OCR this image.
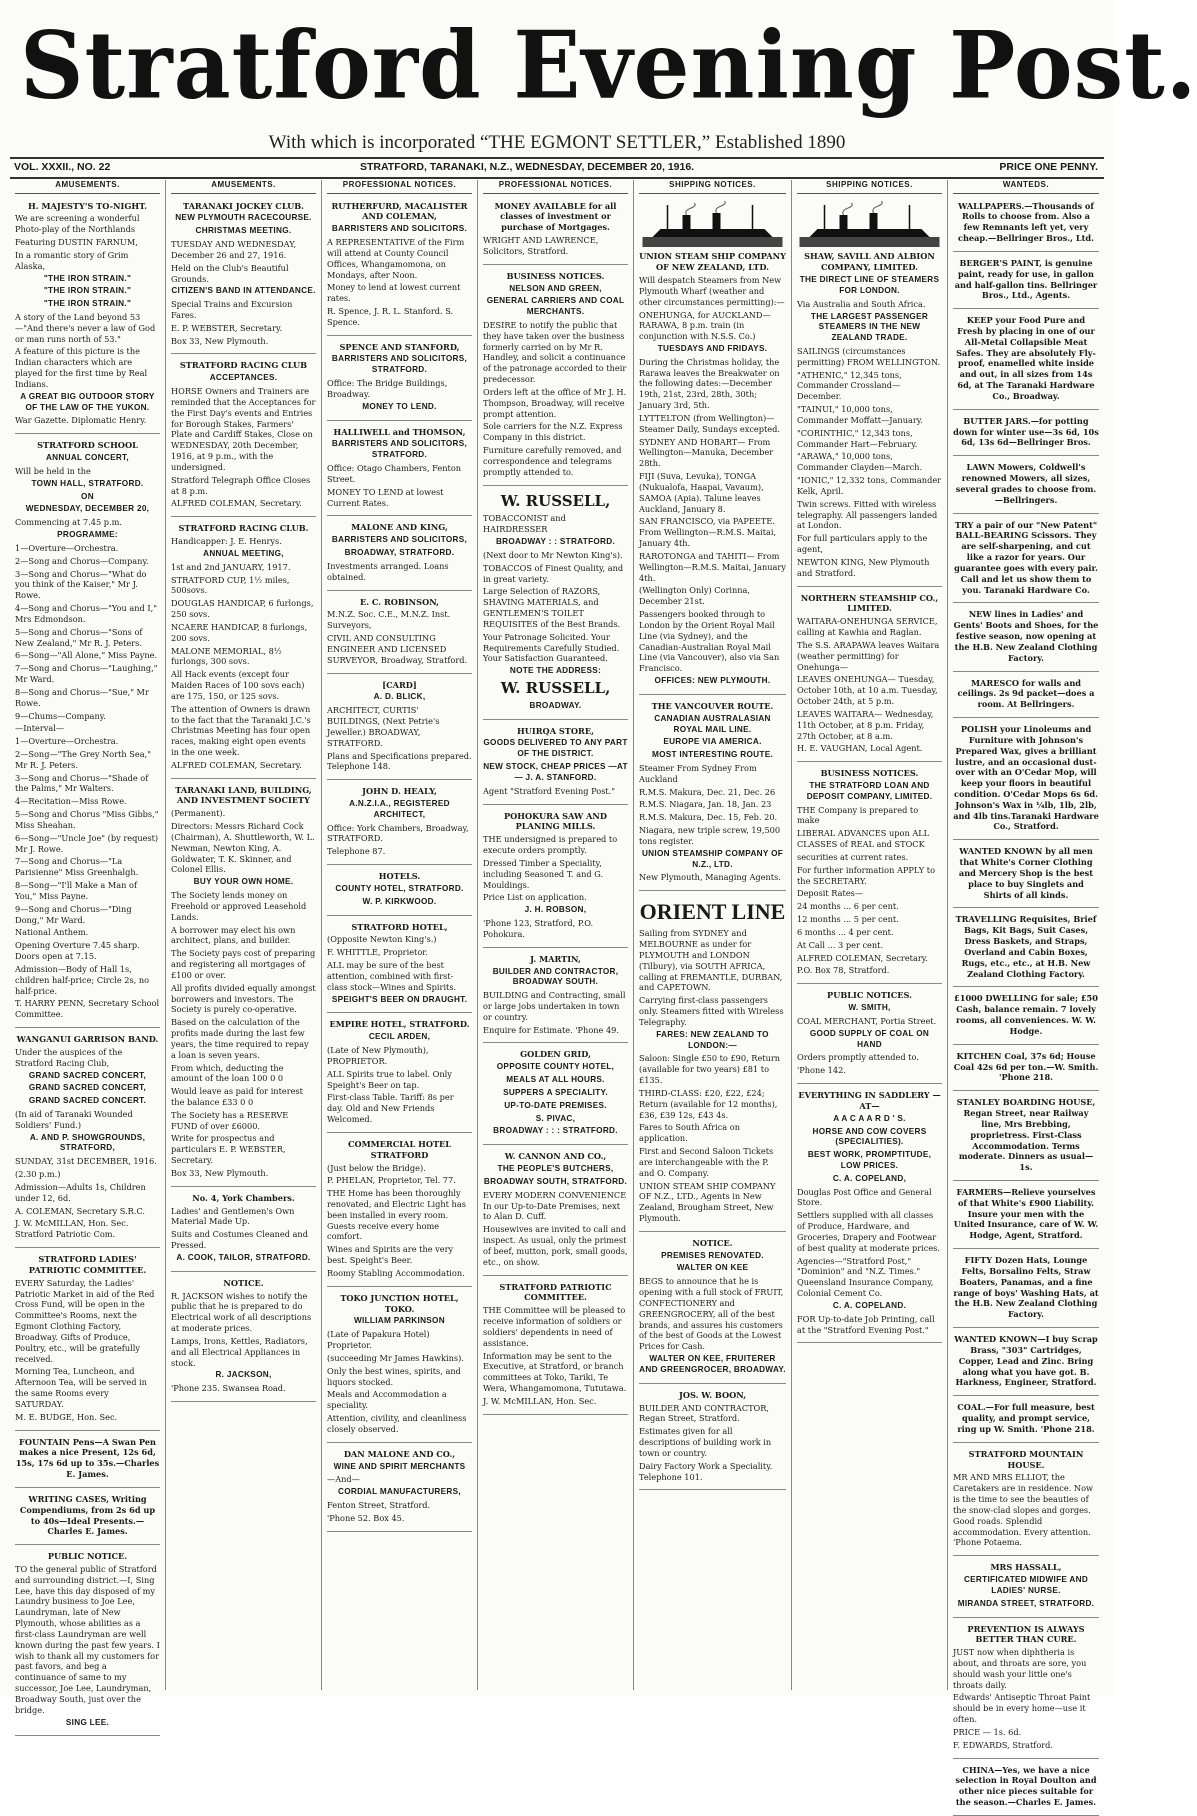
Stratford Evening Post.
With which is incorporated “THE EGMONT SETTLER,” Established 1890
VOL. XXXII., NO. 22	STRATFORD, TARANAKI, N.Z., WEDNESDAY, DECEMBER 20, 1916.	PRICE ONE PENNY.
AMUSEMENTS.

H. MAJESTY'S TO-NIGHT.

We are screening a wonderful Photo-play of the Northlands

Featuring DUSTIN FARNUM,

In a romantic story of Grim Alaska,

"THE IRON STRAIN."

"THE IRON STRAIN."

"THE IRON STRAIN."

A story of the Land beyond 53—"And there's never a law of God or man runs north of 53."

A feature of this picture is the Indian characters which are played for the first time by Real Indians.

A GREAT BIG OUTDOOR STORY OF THE LAW OF THE YUKON.

War Gazette. Diplomatic Henry.

STRATFORD SCHOOL

ANNUAL CONCERT,

Will be held in the

TOWN HALL, STRATFORD.

ON

WEDNESDAY, DECEMBER 20,

Commencing at 7.45 p.m.

PROGRAMME:

1—Overture—Orchestra.

2—Song and Chorus—Company.

3—Song and Chorus—"What do you think of the Kaiser," Mr J. Rowe.

4—Song and Chorus—"You and I," Mrs Edmondson.

5—Song and Chorus—"Sons of New Zealand," Mr R. J. Peters.

6—Song—"All Alone," Miss Payne.

7—Song and Chorus—"Laughing," Mr Ward.

8—Song and Chorus—"Sue," Mr Rowe.

9—Chums—Company.

—Interval—

1—Overture—Orchestra.

2—Song—"The Grey North Sea," Mr R. J. Peters.

3—Song and Chorus—"Shade of the Palms," Mr Walters.

4—Recitation—Miss Rowe.

5—Song and Chorus "Miss Gibbs," Miss Sheahan.

6—Song—"Uncle Joe" (by request) Mr J. Rowe.

7—Song and Chorus—"La Parisienne" Miss Greenhalgh.

8—Song—"I'll Make a Man of You," Miss Payne.

9—Song and Chorus—"Ding Dong," Mr Ward.

National Anthem.

Opening Overture 7.45 sharp. Doors open at 7.15.

Admission—Body of Hall 1s, children half-price; Circle 2s, no half-price.

T. HARRY PENN, Secretary School Committee.

WANGANUI GARRISON BAND.

Under the auspices of the Stratford Racing Club,

GRAND SACRED CONCERT,

GRAND SACRED CONCERT,

GRAND SACRED CONCERT.

(In aid of Taranaki Wounded Soldiers' Fund.)

A. AND P. SHOWGROUNDS, STRATFORD,

SUNDAY, 31st DECEMBER, 1916.

(2.30 p.m.)

Admission—Adults 1s, Children under 12, 6d.

A. COLEMAN, Secretary S.R.C.

J. W. McMILLAN, Hon. Sec. Stratford Patriotic Com.

STRATFORD LADIES' PATRIOTIC COMMITTEE.

EVERY Saturday, the Ladies' Patriotic Market in aid of the Red Cross Fund, will be open in the Committee's Rooms, next the Egmont Clothing Factory, Broadway. Gifts of Produce, Poultry, etc., will be gratefully received.

Morning Tea, Luncheon, and Afternoon Tea, will be served in the same Rooms every SATURDAY.

M. E. BUDGE, Hon. Sec.

FOUNTAIN Pens—A Swan Pen makes a nice Present, 12s 6d, 15s, 17s 6d up to 35s.—Charles E. James.

WRITING CASES, Writing Compendiums, from 2s 6d up to 40s—Ideal Presents.—Charles E. James.

PUBLIC NOTICE.

TO the general public of Stratford and surrounding district.—I, Sing Lee, have this day disposed of my Laundry business to Joe Lee, Laundryman, late of New Plymouth, whose abilities as a first-class Laundryman are well known during the past few years. I wish to thank all my customers for past favors, and beg a continuance of same to my successor, Joe Lee, Laundryman, Broadway South, just over the bridge.

SING LEE.

AMUSEMENTS.

TARANAKI JOCKEY CLUB.

NEW PLYMOUTH RACECOURSE.

CHRISTMAS MEETING.

TUESDAY AND WEDNESDAY, December 26 and 27, 1916.

Held on the Club's Beautiful Grounds.

CITIZEN'S BAND IN ATTENDANCE.

Special Trains and Excursion Fares.

E. P. WEBSTER, Secretary.

Box 33, New Plymouth.

STRATFORD RACING CLUB

ACCEPTANCES.

HORSE Owners and Trainers are reminded that the Acceptances for the First Day's events and Entries for Borough Stakes, Farmers' Plate and Cardiff Stakes, Close on WEDNESDAY, 20th December, 1916, at 9 p.m., with the undersigned.

Stratford Telegraph Office Closes at 8 p.m.

ALFRED COLEMAN, Secretary.

STRATFORD RACING CLUB.

Handicapper: J. E. Henrys.

ANNUAL MEETING,

1st and 2nd JANUARY, 1917.

STRATFORD CUP, 1½ miles, 500sovs.

DOUGLAS HANDICAP, 6 furlongs, 250 sovs.

NCAERE HANDICAP, 8 furlongs, 200 sovs.

MALONE MEMORIAL, 8½ furlongs, 300 sovs.

All Hack events (except four Maiden Races of 100 sovs each) are 175, 150, or 125 sovs.

The attention of Owners is drawn to the fact that the Taranaki J.C.'s Christmas Meeting has four open races, making eight open events in the one week.

ALFRED COLEMAN, Secretary.

TARANAKI LAND, BUILDING, AND INVESTMENT SOCIETY

(Permanent).

Directors: Messrs Richard Cock (Chairman), A. Shuttleworth, W. L. Newman, Newton King, A. Goldwater, T. K. Skinner, and Colonel Ellis.

BUY YOUR OWN HOME.

The Society lends money on Freehold or approved Leasehold Lands.

A borrower may elect his own architect, plans, and builder.

The Society pays cost of preparing and registering all mortgages of £100 or over.

All profits divided equally amongst borrowers and investors. The Society is purely co-operative.

Based on the calculation of the profits made during the last few years, the time required to repay a loan is seven years.

From which, deducting the amount of the loan 100 0 0

Would leave as paid for interest the balance £33 0 0

The Society has a RESERVE FUND of over £6000.

Write for prospectus and particulars E. P. WEBSTER, Secretary.

Box 33, New Plymouth.

No. 4, York Chambers.

Ladies' and Gentlemen's Own Material Made Up.

Suits and Costumes Cleaned and Pressed.

A. COOK, TAILOR, STRATFORD.

NOTICE.

R. JACKSON wishes to notify the public that he is prepared to do Electrical work of all descriptions at moderate prices.

Lamps, Irons, Kettles, Radiators, and all Electrical Appliances in stock.

R. JACKSON,

'Phone 235. Swansea Road.

PROFESSIONAL NOTICES.

RUTHERFURD, MACALISTER AND COLEMAN,

BARRISTERS AND SOLICITORS.

A REPRESENTATIVE of the Firm will attend at County Council Offices, Whangamomona, on Mondays, after Noon.

Money to lend at lowest current rates.

R. Spence, J. R. L. Stanford. S. Spence.

SPENCE AND STANFORD,

BARRISTERS AND SOLICITORS, STRATFORD.

Office: The Bridge Buildings, Broadway.

MONEY TO LEND.

HALLIWELL and THOMSON,

BARRISTERS AND SOLICITORS, STRATFORD.

Office: Otago Chambers, Fenton Street.

MONEY TO LEND at lowest Current Rates.

MALONE AND KING,

BARRISTERS AND SOLICITORS,

BROADWAY, STRATFORD.

Investments arranged. Loans obtained.

E. C. ROBINSON,

M.N.Z. Soc. C.E., M.N.Z. Inst. Surveyors,

CIVIL AND CONSULTING ENGINEER AND LICENSED SURVEYOR, Broadway, Stratford.

[CARD]

A. D. BLICK,

ARCHITECT, CURTIS' BUILDINGS, (Next Petrie's Jeweller.) BROADWAY, STRATFORD.

Plans and Specifications prepared. Telephone 148.

JOHN D. HEALY,

A.N.Z.I.A., REGISTERED ARCHITECT,

Office: York Chambers, Broadway, STRATFORD.

Telephone 87.

HOTELS.

COUNTY HOTEL, STRATFORD.

W. P. KIRKWOOD.

STRATFORD HOTEL,

(Opposite Newton King's.)

F. WHITTLE, Proprietor.

ALL may be sure of the best attention, combined with first-class stock—Wines and Spirits.

SPEIGHT'S BEER ON DRAUGHT.

EMPIRE HOTEL, STRATFORD.

CECIL ARDEN,

(Late of New Plymouth), PROPRIETOR.

ALL Spirits true to label. Only Speight's Beer on tap.

First-class Table. Tariff: 8s per day. Old and New Friends Welcomed.

COMMERCIAL HOTEL STRATFORD

(Just below the Bridge).

P. PHELAN, Proprietor, Tel. 77.

THE Home has been thoroughly renovated, and Electric Light has been installed in every room. Guests receive every home comfort.

Wines and Spirits are the very best. Speight's Beer.

Roomy Stabling Accommodation.

TOKO JUNCTION HOTEL, TOKO.

WILLIAM PARKINSON

(Late of Papakura Hotel) Proprietor.

(succeeding Mr James Hawkins).

Only the best wines, spirits, and liquors stocked.

Meals and Accommodation a speciality.

Attention, civility, and cleanliness closely observed.

DAN MALONE AND CO.,

WINE AND SPIRIT MERCHANTS

—And—

CORDIAL MANUFACTURERS,

Fenton Street, Stratford.

'Phone 52. Box 45.

PROFESSIONAL NOTICES.

MONEY AVAILABLE for all classes of investment or purchase of Mortgages.

WRIGHT AND LAWRENCE, Solicitors, Stratford.

BUSINESS NOTICES.

NELSON AND GREEN,

GENERAL CARRIERS AND COAL MERCHANTS.

DESIRE to notify the public that they have taken over the business formerly carried on by Mr R. Handley, and solicit a continuance of the patronage accorded to their predecessor.

Orders left at the office of Mr J. H. Thompson, Broadway, will receive prompt attention.

Sole carriers for the N.Z. Express Company in this district.

Furniture carefully removed, and correspondence and telegrams promptly attended to.

W. RUSSELL,

TOBACCONIST and HAIRDRESSER

BROADWAY : : STRATFORD.

(Next door to Mr Newton King's).

TOBACCOS of Finest Quality, and in great variety.

Large Selection of RAZORS, SHAVING MATERIALS, and GENTLEMEN'S TOILET REQUISITES of the Best Brands.

Your Patronage Solicited. Your Requirements Carefully Studied. Your Satisfaction Guaranteed.

NOTE THE ADDRESS:

W. RUSSELL,

BROADWAY.

HUIRQA STORE,

GOODS DELIVERED TO ANY PART OF THE DISTRICT.

NEW STOCK, CHEAP PRICES —AT— J. A. STANFORD.

Agent "Stratford Evening Post."

POHOKURA SAW AND PLANING MILLS.

THE undersigned is prepared to execute orders promptly.

Dressed Timber a Speciality, including Seasoned T. and G. Mouldings.

Price List on application.

J. H. ROBSON,

'Phone 123, Stratford, P.O. Pohokura.

J. MARTIN,

BUILDER AND CONTRACTOR, BROADWAY SOUTH.

BUILDING and Contracting, small or large jobs undertaken in town or country.

Enquire for Estimate. 'Phone 49.

GOLDEN GRID,

OPPOSITE COUNTY HOTEL,

MEALS AT ALL HOURS.

SUPPERS A SPECIALITY.

UP-TO-DATE PREMISES.

S. PIVAC,

BROADWAY : : : STRATFORD.

W. CANNON AND CO.,

THE PEOPLE'S BUTCHERS,

BROADWAY SOUTH, STRATFORD.

EVERY MODERN CONVENIENCE In our Up-to-Date Premises, next to Alan D. Cuff.

Housewives are invited to call and inspect. As usual, only the primest of beef, mutton, pork, small goods, etc., on show.

STRATFORD PATRIOTIC COMMITTEE.

THE Committee will be pleased to receive information of soldiers or soldiers' dependents in need of assistance.

Information may be sent to the Executive, at Stratford, or branch committees at Toko, Tariki, Te Wera, Whangamomona, Tututawa.

J. W. McMILLAN, Hon. Sec.

SHIPPING NOTICES.

UNION STEAM SHIP COMPANY OF NEW ZEALAND, LTD.

Will despatch Steamers from New Plymouth Wharf (weather and other circumstances permitting):—

ONEHUNGA, for AUCKLAND— RARAWA, 8 p.m. train (in conjunction with N.S.S. Co.)

TUESDAYS AND FRIDAYS.

During the Christmas holiday, the Rarawa leaves the Breakwater on the following dates:—December 19th, 21st, 23rd, 28th, 30th; January 3rd, 5th.

LYTTELTON (from Wellington)— Steamer Daily, Sundays excepted.

SYDNEY AND HOBART— From Wellington—Manuka, December 28th.

FIJI (Suva, Levuka), TONGA (Nukualofa, Haapai, Vavaum), SAMOA (Apia). Talune leaves Auckland, January 8.

SAN FRANCISCO, via PAPEETE. From Wellington—R.M.S. Maitai, January 4th.

RAROTONGA and TAHITI— From Wellington—R.M.S. Maitai, January 4th.

(Wellington Only) Corinna, December 21st.

Passengers booked through to London by the Orient Royal Mail Line (via Sydney), and the Canadian-Australian Royal Mail Line (via Vancouver), also via San Francisco.

OFFICES: NEW PLYMOUTH.

THE VANCOUVER ROUTE.

CANADIAN AUSTRALASIAN ROYAL MAIL LINE.

EUROPE VIA AMERICA.

MOST INTERESTING ROUTE.

Steamer From Sydney From Auckland

R.M.S. Makura, Dec. 21, Dec. 26

R.M.S. Niagara, Jan. 18, Jan. 23

R.M.S. Makura, Dec. 15, Feb. 20.

Niagara, new triple screw, 19,500 tons register.

UNION STEAMSHIP COMPANY OF N.Z., LTD.

New Plymouth, Managing Agents.

ORIENT LINE

Sailing from SYDNEY and MELBOURNE as under for PLYMOUTH and LONDON (Tilbury), via SOUTH AFRICA, calling at FREMANTLE, DURBAN, and CAPETOWN.

Carrying first-class passengers only. Steamers fitted with Wireless Telegraphy.

FARES: NEW ZEALAND TO LONDON:—

Saloon: Single £50 to £90, Return (available for two years) £81 to £135.

THIRD-CLASS: £20, £22, £24; Return (available for 12 months), £36, £39 12s, £43 4s.

Fares to South Africa on application.

First and Second Saloon Tickets are interchangeable with the P. and O. Company.

UNION STEAM SHIP COMPANY OF N.Z., LTD., Agents in New Zealand, Brougham Street, New Plymouth.

NOTICE.

PREMISES RENOVATED.

WALTER ON KEE

BEGS to announce that he is opening with a full stock of FRUIT, CONFECTIONERY and GREENGROCERY, all of the best brands, and assures his customers of the best of Goods at the Lowest Prices for Cash.

WALTER ON KEE, FRUITERER AND GREENGROCER, BROADWAY.

JOS. W. BOON,

BUILDER AND CONTRACTOR, Regan Street, Stratford.

Estimates given for all descriptions of building work in town or country.

Dairy Factory Work a Speciality. Telephone 101.

SHIPPING NOTICES.

SHAW, SAVILL AND ALBION COMPANY, LIMITED.

THE DIRECT LINE OF STEAMERS FOR LONDON.

Via Australia and South Africa.

THE LARGEST PASSENGER STEAMERS IN THE NEW ZEALAND TRADE.

SAILINGS (circumstances permitting) FROM WELLINGTON.

"ATHENIC," 12,345 tons, Commander Crossland—December.

"TAINUI," 10,000 tons, Commander Moffatt—January.

"CORINTHIC," 12,343 tons, Commander Hart—February.

"ARAWA," 10,000 tons, Commander Clayden—March.

"IONIC," 12,332 tons, Commander Kelk, April.

Twin screws. Fitted with wireless telegraphy. All passengers landed at London.

For full particulars apply to the agent,

NEWTON KING, New Plymouth and Stratford.

NORTHERN STEAMSHIP CO., LIMITED.

WAITARA-ONEHUNGA SERVICE, calling at Kawhia and Raglan.

The S.S. ARAPAWA leaves Waitara (weather permitting) for Onehunga—

LEAVES ONEHUNGA— Tuesday, October 10th, at 10 a.m. Tuesday, October 24th, at 5 p.m.

LEAVES WAITARA— Wednesday, 11th October, at 8 p.m. Friday, 27th October, at 8 a.m.

H. E. VAUGHAN, Local Agent.

BUSINESS NOTICES.

THE STRATFORD LOAN AND DEPOSIT COMPANY, LIMITED.

THE Company is prepared to make

LIBERAL ADVANCES upon ALL CLASSES of REAL and STOCK

securities at current rates.

For further information APPLY to the SECRETARY.

Deposit Rates—

24 months ... 6 per cent.

12 months ... 5 per cent.

6 months ... 4 per cent.

At Call ... 3 per cent.

ALFRED COLEMAN, Secretary.

P.O. Box 78, Stratford.

PUBLIC NOTICES.

W. SMITH,

COAL MERCHANT, Portia Street.

GOOD SUPPLY OF COAL ON HAND

Orders promptly attended to.

'Phone 142.

EVERYTHING IN SADDLERY —AT—

A A C A A R D ' S.

HORSE AND COW COVERS (SPECIALITIES).

BEST WORK, PROMPTITUDE, LOW PRICES.

C. A. COPELAND,

Douglas Post Office and General Store.

Settlers supplied with all classes of Produce, Hardware, and Groceries, Drapery and Footwear of best quality at moderate prices.

Agencies—"Stratford Post," "Dominion" and "N.Z. Times." Queensland Insurance Company, Colonial Cement Co.

C. A. COPELAND.

FOR Up-to-date Job Printing, call at the "Stratford Evening Post."

WANTEDS.

WALLPAPERS.—Thousands of Rolls to choose from. Also a few Remnants left yet, very cheap.—Bellringer Bros., Ltd.

BERGER'S PAINT, is genuine paint, ready for use, in gallon and half-gallon tins. Bellringer Bros., Ltd., Agents.

KEEP your Food Pure and Fresh by placing in one of our All-Metal Collapsible Meat Safes. They are absolutely Fly-proof, enamelled white inside and out, in all sizes from 14s 6d, at The Taranaki Hardware Co., Broadway.

BUTTER JARS.—for potting down for winter use—3s 6d, 10s 6d, 13s 6d—Bellringer Bros.

LAWN Mowers, Coldwell's renowned Mowers, all sizes, several grades to choose from.—Bellringers.

TRY a pair of our "New Patent" BALL-BEARING Scissors. They are self-sharpening, and cut like a razor for years. Our guarantee goes with every pair. Call and let us show them to you. Taranaki Hardware Co.

NEW lines in Ladies' and Gents' Boots and Shoes, for the festive season, now opening at the H.B. New Zealand Clothing Factory.

MARESCO for walls and ceilings. 2s 9d packet—does a room. At Bellringers.

POLISH your Linoleums and Furniture with Johnson's Prepared Wax, gives a brilliant lustre, and an occasional dust-over with an O'Cedar Mop, will keep your floors in beautiful condition. O'Cedar Mops 6s 6d. Johnson's Wax in ¼lb, 1lb, 2lb, and 4lb tins.Taranaki Hardware Co., Stratford.

WANTED KNOWN by all men that White's Corner Clothing and Mercery Shop is the best place to buy Singlets and Shirts of all kinds.

TRAVELLING Requisites, Brief Bags, Kit Bags, Suit Cases, Dress Baskets, and Straps, Overland and Cabin Boxes, Rugs, etc., etc., at H.B. New Zealand Clothing Factory.

£1000 DWELLING for sale; £50 Cash, balance remain. 7 lovely rooms, all conveniences. W. W. Hodge.

KITCHEN Coal, 37s 6d; House Coal 42s 6d per ton.—W. Smith. 'Phone 218.

STANLEY BOARDING HOUSE, Regan Street, near Railway line, Mrs Brebbing, proprietress. First-Class Accommodation. Terms moderate. Dinners as usual—1s.

FARMERS—Relieve yourselves of that White's £900 Liability. Insure your men with the United Insurance, care of W. W. Hodge, Agent, Stratford.

FIFTY Dozen Hats, Lounge Felts, Borsalino Felts, Straw Boaters, Panamas, and a fine range of boys' Washing Hats, at the H.B. New Zealand Clothing Factory.

WANTED KNOWN—I buy Scrap Brass, "303" Cartridges, Copper, Lead and Zinc. Bring along what you have got. B. Harkness, Engineer, Stratford.

COAL.—For full measure, best quality, and prompt service, ring up W. Smith. 'Phone 218.

STRATFORD MOUNTAIN HOUSE.

MR AND MRS ELLIOT, the Caretakers are in residence. Now is the time to see the beauties of the snow-clad slopes and gorges. Good roads. Splendid accommodation. Every attention. 'Phone Potaema.

MRS HASSALL,

CERTIFICATED MIDWIFE AND LADIES' NURSE.

MIRANDA STREET, STRATFORD.

PREVENTION IS ALWAYS BETTER THAN CURE.

JUST now when diphtheria is about, and throats are sore, you should wash your little one's throats daily.

Edwards' Antiseptic Throat Paint should be in every home—use it often.

PRICE — 1s. 6d.

F. EDWARDS, Stratford.

CHINA—Yes, we have a nice selection in Royal Doulton and other nice pieces suitable for the season.—Charles E. James.
